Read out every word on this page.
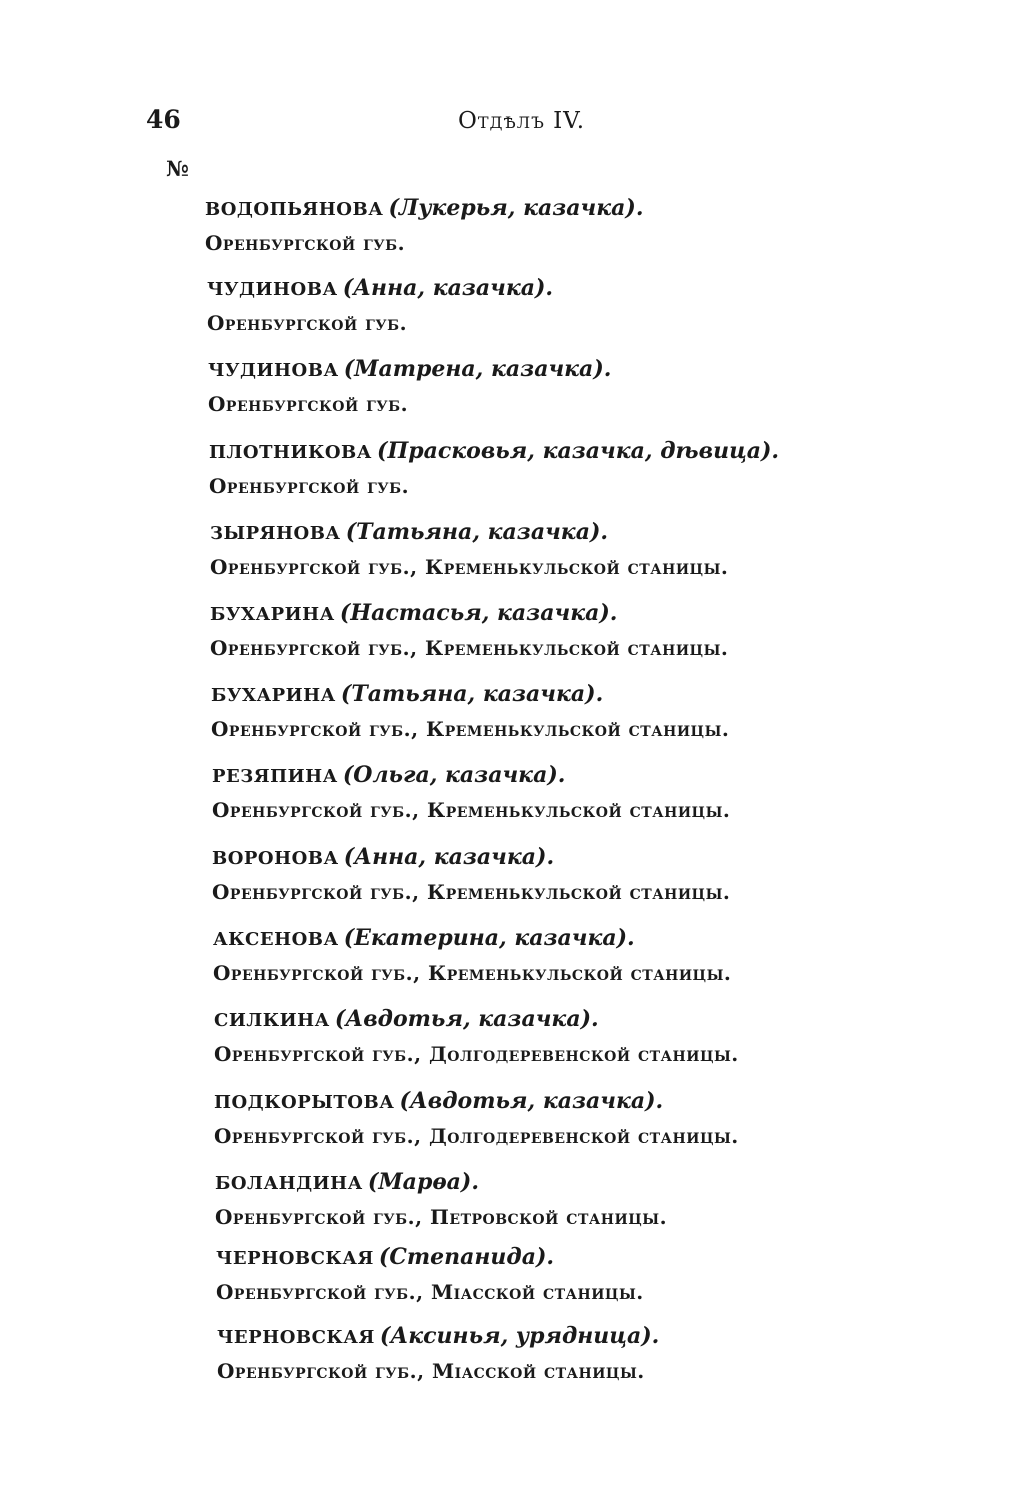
46	Отдѣлъ IV.
№
ВОДОПЬЯНОВА (Лукерья, казачка).
Оренбургской губ.
ЧУДИНОВА (Анна, казачка).
Оренбургской губ.
ЧУДИНОВА (Матрена, казачка).
Оренбургской губ.
ПЛОТНИКОВА (Прасковья, казачка, дѣвица).
Оренбургской губ.
ЗЫРЯНОВА (Татьяна, казачка).
Оренбургской губ., Кременькульской станицы.
БУХАРИНА (Настасья, казачка).
Оренбургской губ., Кременькульской станицы.
БУХАРИНА (Татьяна, казачка).
Оренбургской губ., Кременькульской станицы.
РЕЗЯПИНА (Ольга, казачка).
Оренбургской губ., Кременькульской станицы.
ВОРОНОВА (Анна, казачка).
Оренбургской губ., Кременькульской станицы.
АКСЕНОВА (Екатерина, казачка).
Оренбургской губ., Кременькульской станицы.
СИЛКИНА (Авдотья, казачка).
Оренбургской губ., Долгодеревенской станицы.
ПОДКОРЫТОВА (Авдотья, казачка).
Оренбургской губ., Долгодеревенской станицы.
БОЛАНДИНА (Марѳа).
Оренбургской губ., Петровской станицы.
ЧЕРНОВСКАЯ (Степанида).
Оренбургской губ., Міасской станицы.
ЧЕРНОВСКАЯ (Аксинья, урядница).
Оренбургской губ., Міасской станицы.
